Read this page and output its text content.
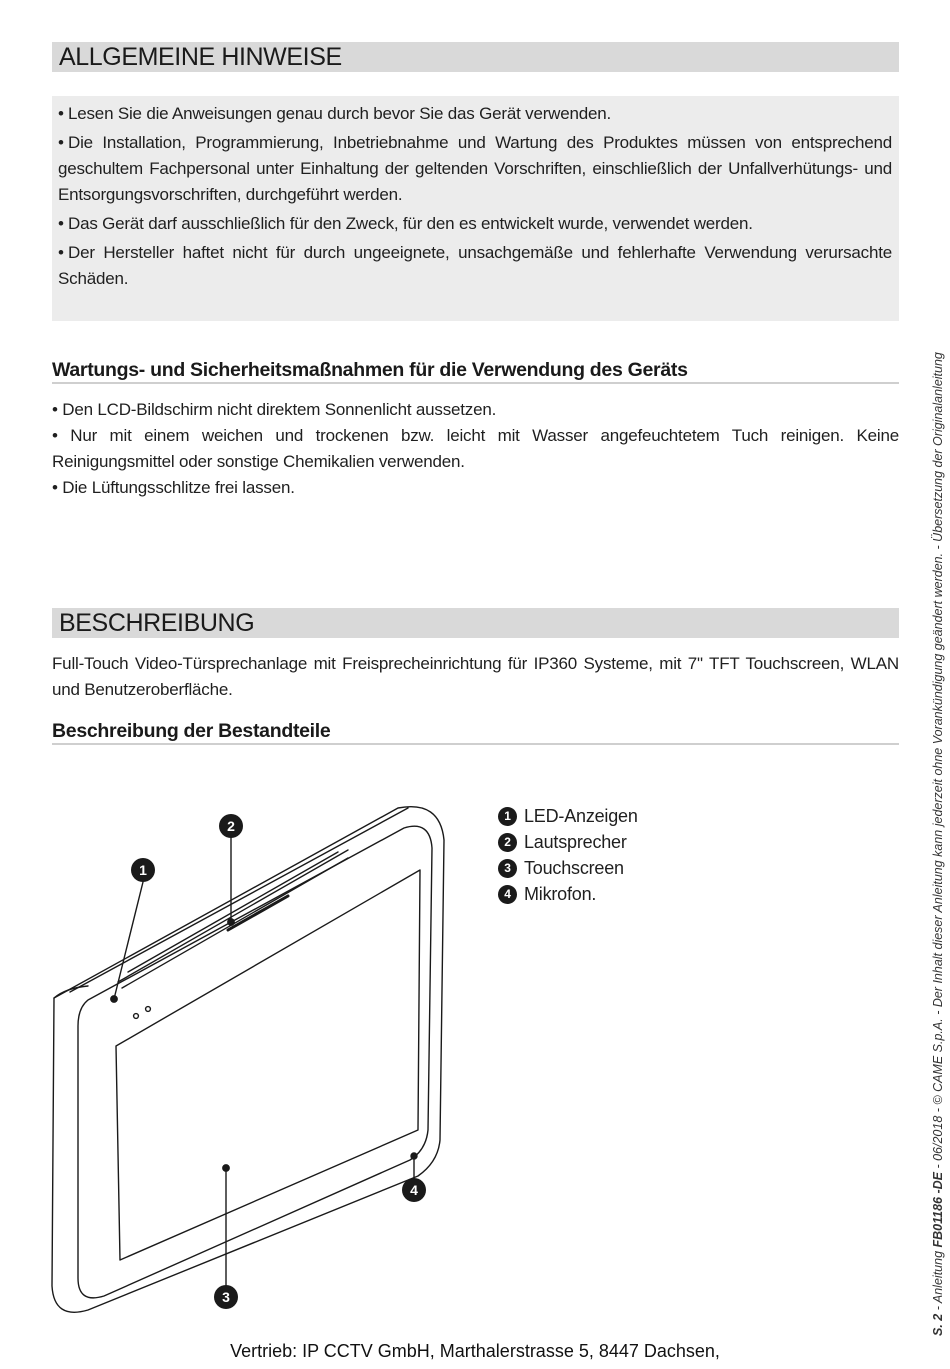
ALLGEMEINE HINWEISE

• Lesen Sie die Anweisungen genau durch bevor Sie das Gerät verwenden.

• Die Installation, Programmierung, Inbetriebnahme und Wartung des Produktes müssen von entsprechend geschultem Fachpersonal unter Einhaltung der geltenden Vorschriften, einschließlich der Unfallverhütungs- und Entsorgungsvorschriften, durchgeführt werden.

• Das Gerät darf ausschließlich für den Zweck, für den es entwickelt wurde, verwendet werden.

• Der Hersteller haftet nicht für durch ungeeignete, unsachgemäße und fehlerhafte Verwendung verursachte Schäden.

Wartungs- und Sicherheitsmaßnahmen für die Verwendung des Geräts

• Den LCD-Bildschirm nicht direktem Sonnenlicht aussetzen.

• Nur mit einem weichen und trockenen bzw. leicht mit Wasser angefeuchtetem Tuch reinigen. Keine Reinigungsmittel oder sonstige Chemikalien verwenden.

• Die Lüftungsschlitze frei lassen.

BESCHREIBUNG

Full-Touch Video-Türsprechanlage mit Freisprecheinrichtung für IP360 Systeme, mit 7" TFT Touchscreen, WLAN und Benutzeroberfläche.

Beschreibung der Bestandteile
1
2
3
4
1 LED-Anzeigen
2 Lautsprecher
3 Touchscreen
4 Mikrofon.
S. 2 - Anleitung FB01186 -DE - 06/2018 - © CAME S.p.A. - Der Inhalt dieser Anleitung kann jederzeit ohne Vorankündigung geändert werden. - Übersetzung der Originalanleitung
Vertrieb: IP CCTV GmbH, Marthalerstrasse 5, 8447 Dachsen,
